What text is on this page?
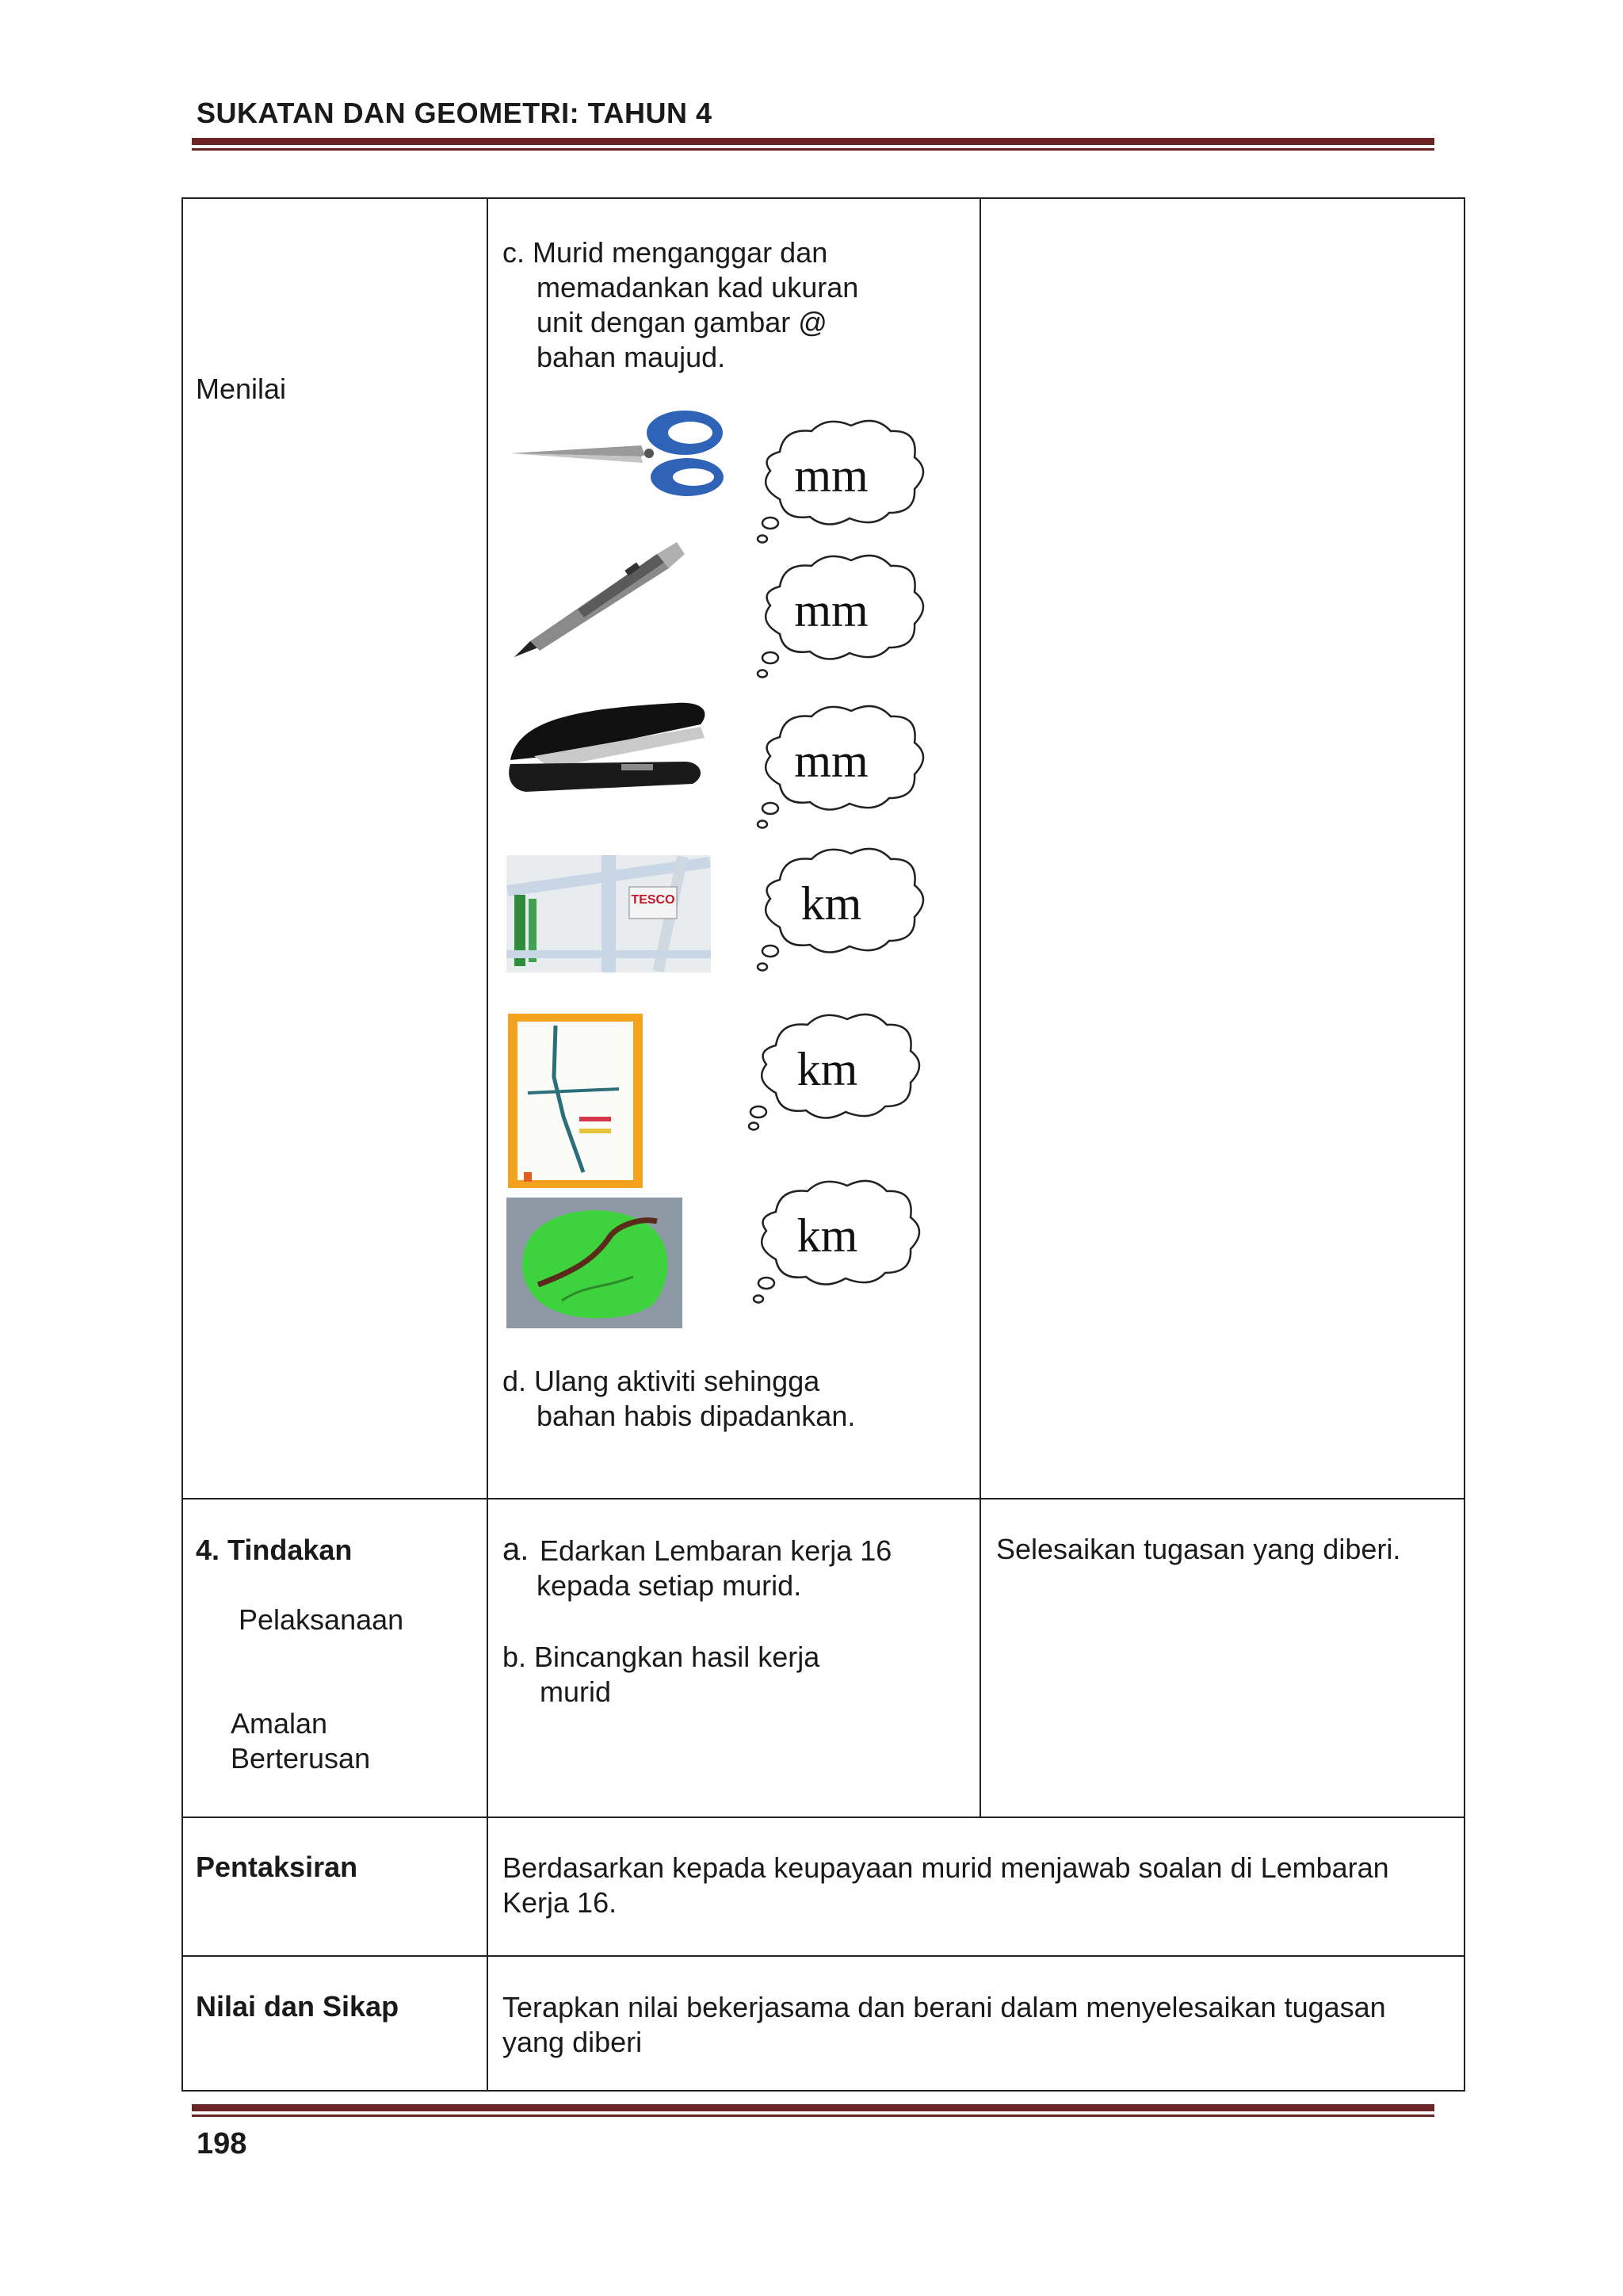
SUKATAN DAN GEOMETRI: TAHUN 4
Menilai
c. Murid menganggar dan
memadankan kad ukuran
unit dengan gambar @
bahan maujud.
TESCO
mm
mm
mm
km
km
km
d. Ulang aktiviti sehingga
bahan habis dipadankan.
4. Tindakan
Pelaksanaan
Amalan
Berterusan
a. Edarkan Lembaran kerja 16
kepada setiap murid.
b. Bincangkan hasil kerja
murid
Selesaikan tugasan yang diberi.
Pentaksiran	Berdasarkan kepada keupayaan murid menjawab soalan di Lembaran
Kerja 16.
Nilai dan Sikap	Terapkan nilai bekerjasama dan berani dalam menyelesaikan tugasan
yang diberi
198
